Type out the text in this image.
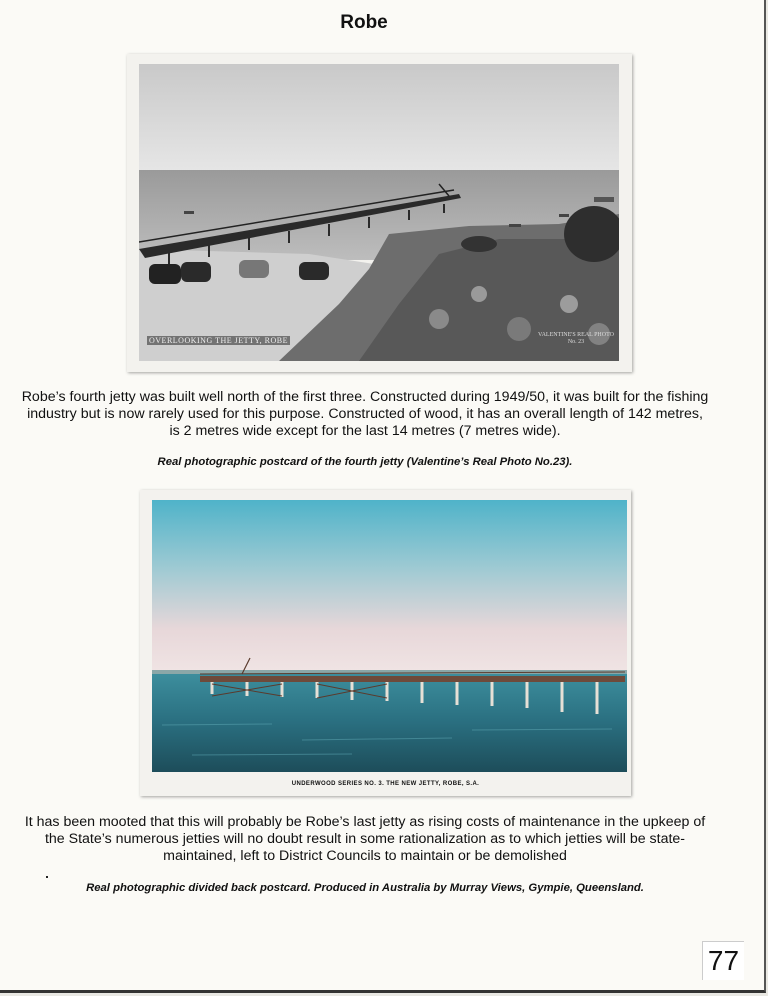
Robe
OVERLOOKING THE JETTY, ROBE
VALENTINE'S REAL PHOTO
No. 23
Robe’s fourth jetty was built well north of the first three. Constructed during 1949/50, it was built for the fishing industry but is now rarely used for this purpose. Constructed of wood, it has an overall length of 142 metres, is 2 metres wide except for the last 14 metres (7 metres wide).
Real photographic postcard of the fourth jetty (Valentine’s Real Photo No.23).
UNDERWOOD SERIES NO. 3. THE NEW JETTY, ROBE, S.A.
It has been mooted that this will probably be Robe’s last jetty as rising costs of maintenance in the upkeep of the State’s numerous jetties will no doubt result in some rationalization as to which jetties will be state-maintained, left to District Councils to maintain or be demolished
Real photographic divided back postcard. Produced in Australia by Murray Views, Gympie, Queensland.
77
